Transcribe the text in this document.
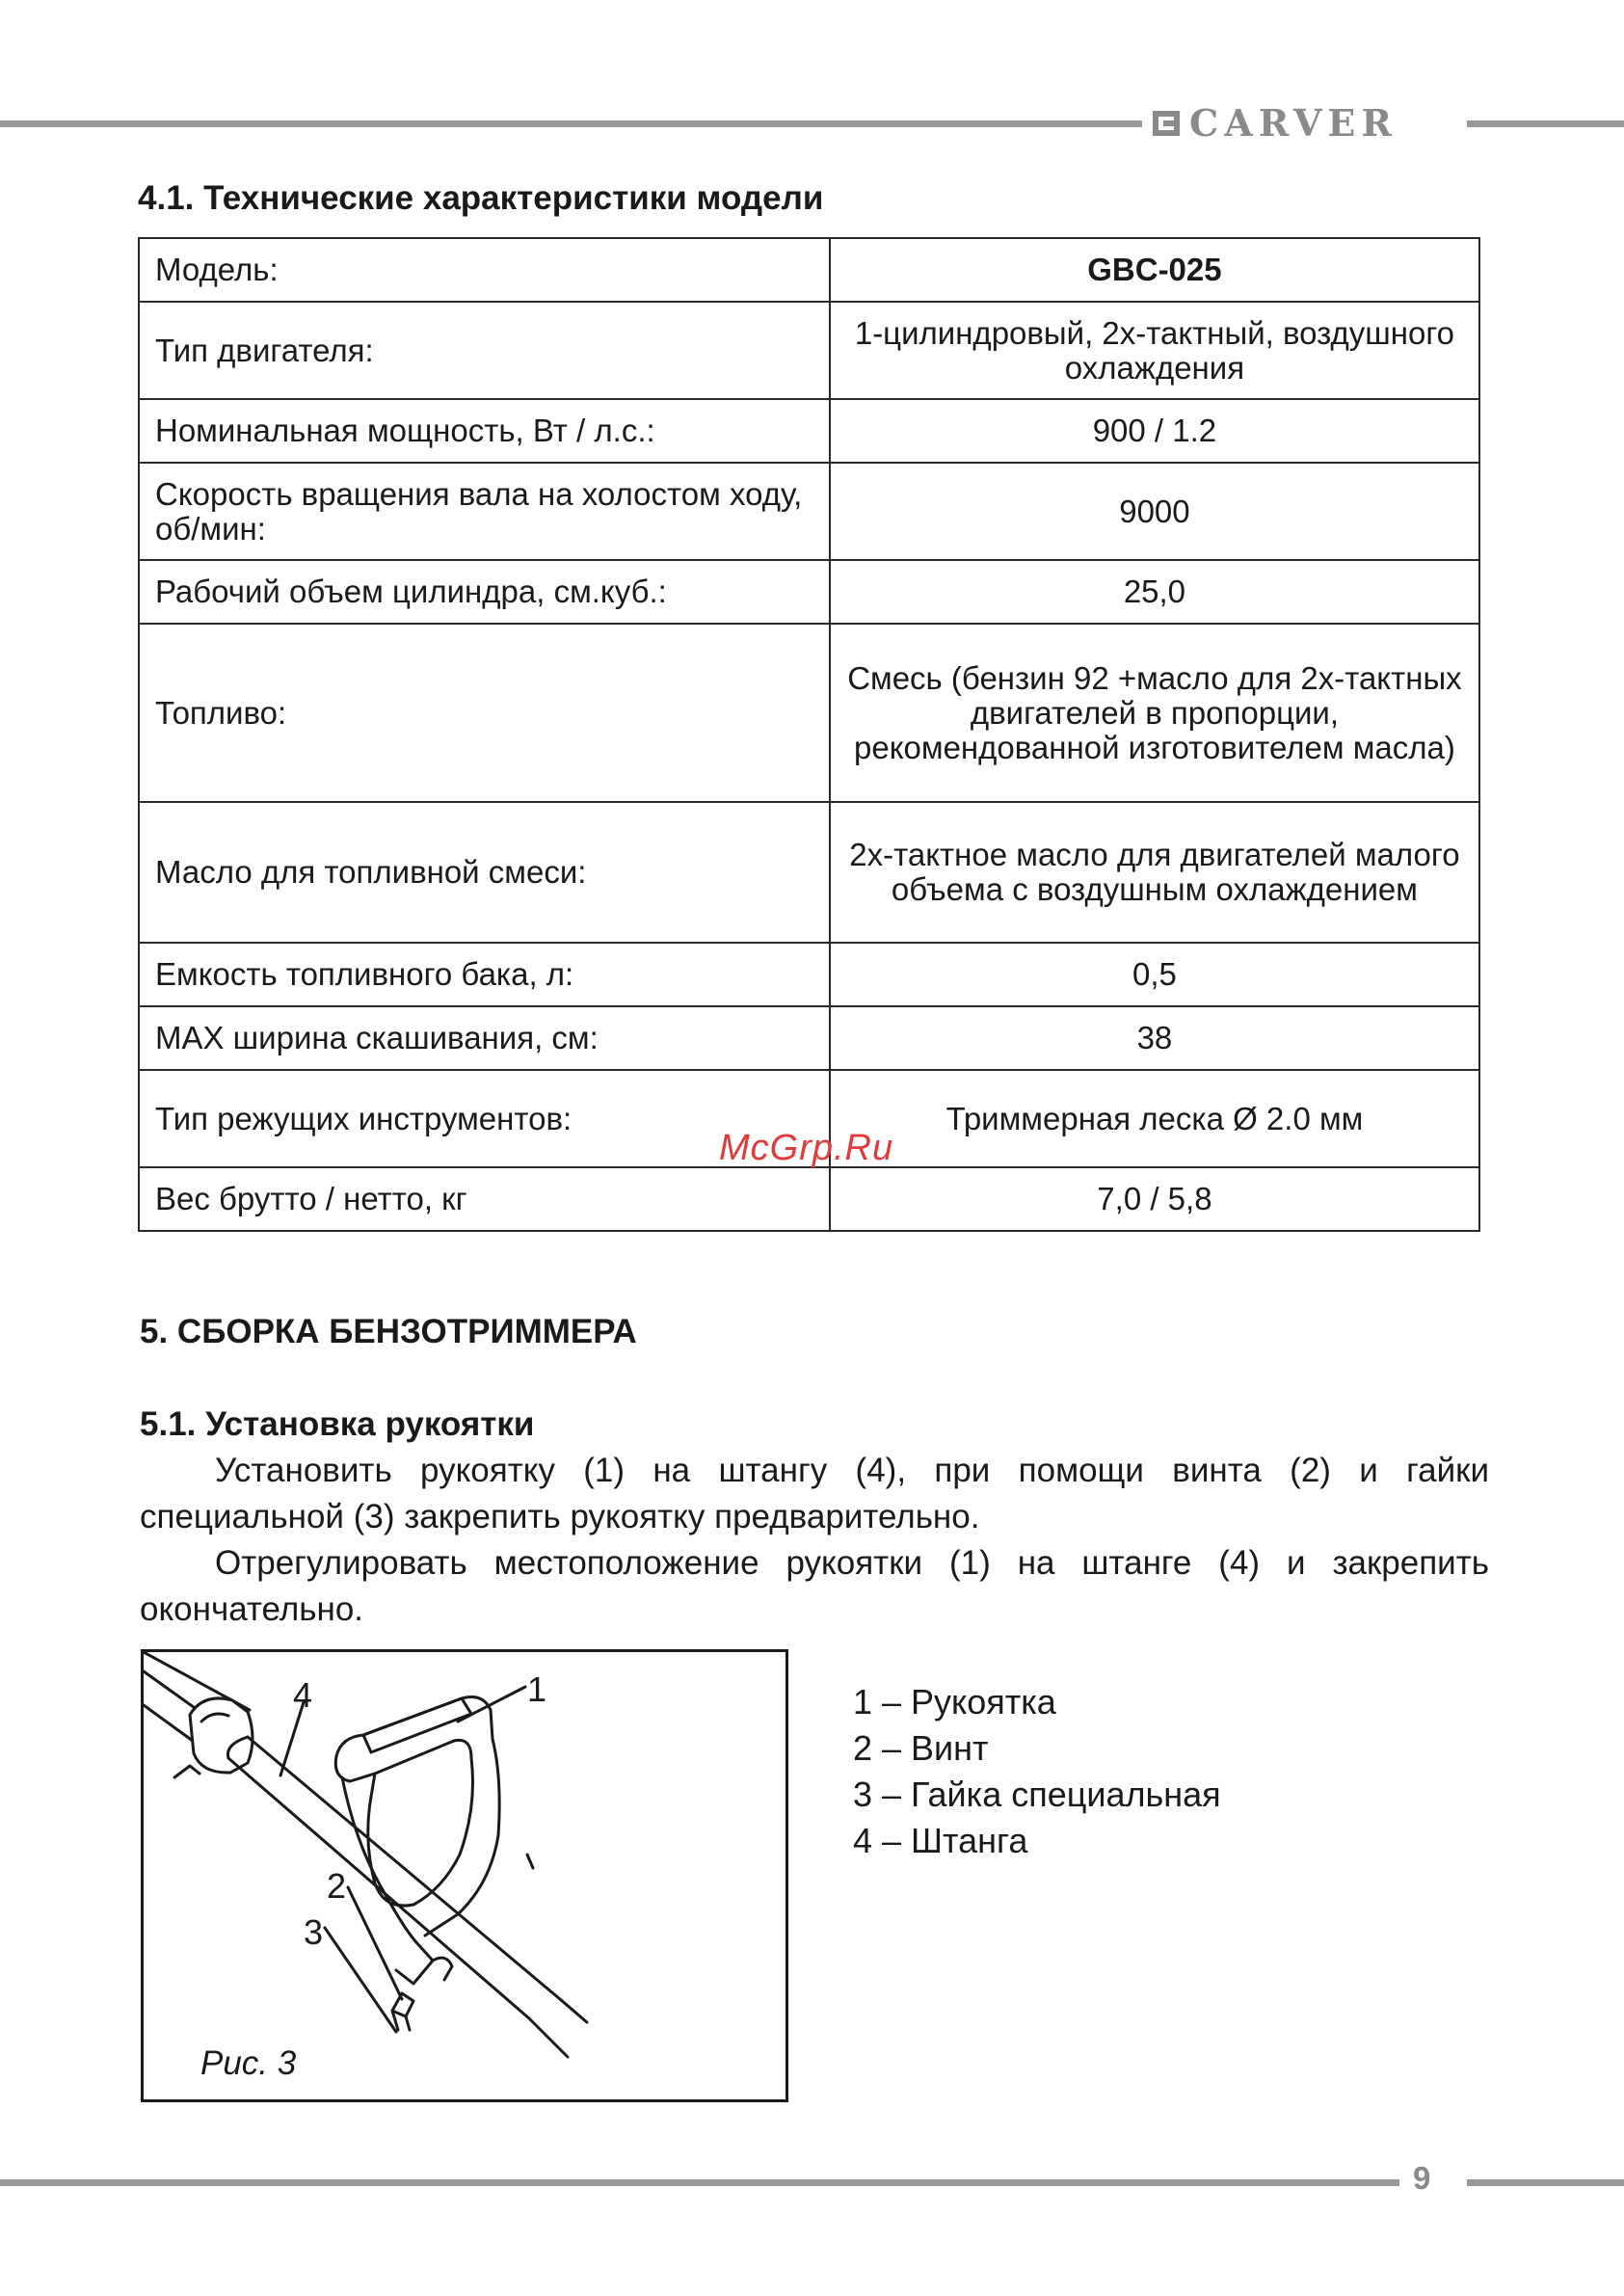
CARVER
4.1. Технические характеристики модели
Модель:	GBC-025
Тип двигателя:	1-цилиндровый, 2х-тактный, воздушного охлаждения
Номинальная мощность, Вт / л.с.:	900 / 1.2
Скорость вращения вала на холостом ходу, об/мин:	9000
Рабочий объем цилиндра, см.куб.:	25,0
Топливо:	Смесь (бензин 92 +масло для 2х-тактных двигателей в пропорции, рекомендованной изготовителем масла)
Масло для топливной смеси:	2х-тактное масло для двигателей малого объема с воздушным охлаждением
Емкость топливного бака, л:	0,5
MAX ширина скашивания, см:	38
Тип режущих инструментов:	Триммерная леска Ø 2.0 мм
Вес брутто / нетто, кг	7,0 / 5,8

McGrp.Ru

5. СБОРКА БЕНЗОТРИММЕРА
5.1. Установка рукоятки

Установить рукоятку (1) на штангу (4), при помощи винта (2) и гайки специальной (3) закрепить рукоятку предварительно.

Отрегулировать местоположение рукоятки (1) на штанге (4) и закрепить окончательно.

4	1

2

3

Рис. 3

1 – Рукоятка
2 – Винт
3 – Гайка специальная
4 – Штанга

9
